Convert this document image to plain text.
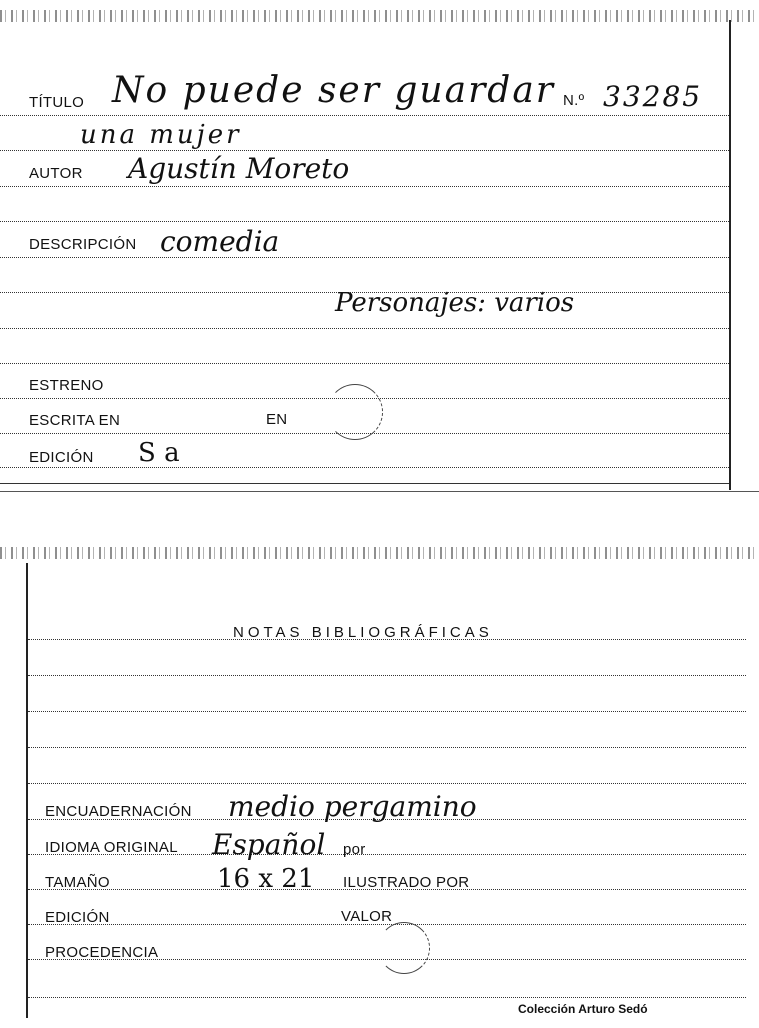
TÍTULO No puede ser guardar N.º 33285
una mujer
AUTOR Agustín Moreto
DESCRIPCIÓN comedia
Personajes: varios
ESTRENO
ESCRITA EN	EN
EDICIÓN S a
NOTAS BIBLIOGRÁFICAS
ENCUADERNACIÓN medio pergamino
IDIOMA ORIGINAL Español por
TAMAÑO	16 x 21 ILUSTRADO POR
EDICIÓN	VALOR
PROCEDENCIA
Colección Arturo Sedó
